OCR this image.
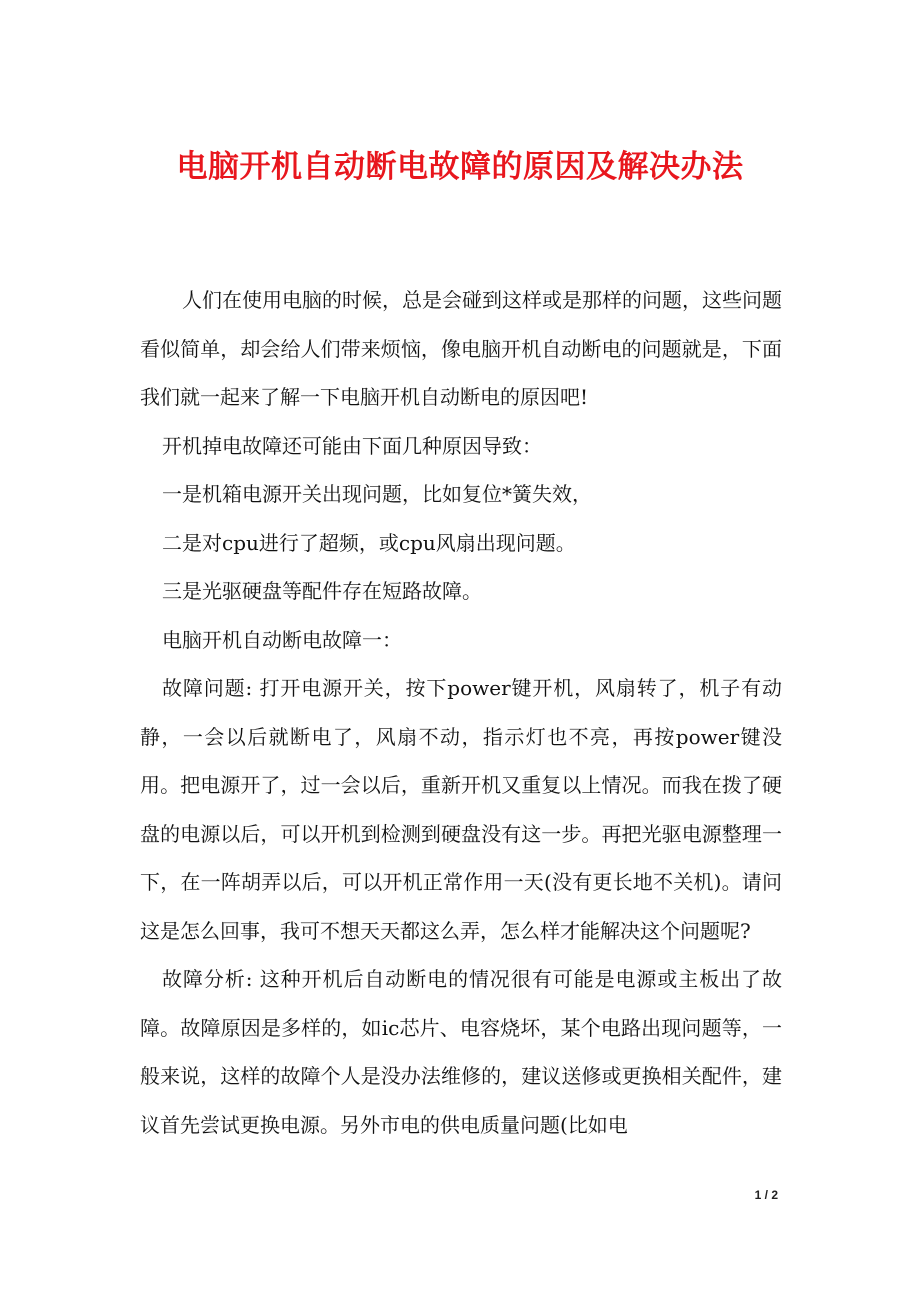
电脑开机自动断电故障的原因及解决办法

人们在使用电脑的时候，总是会碰到这样或是那样的问题，这些问题看似简单，却会给人们带来烦恼，像电脑开机自动断电的问题就是，下面我们就一起来了解一下电脑开机自动断电的原因吧!

开机掉电故障还可能由下面几种原因导致：

一是机箱电源开关出现问题，比如复位*簧失效，

二是对cpu进行了超频，或cpu风扇出现问题。

三是光驱硬盘等配件存在短路故障。

电脑开机自动断电故障一：

故障问题: 打开电源开关，按下power键开机，风扇转了，机子有动静，一会以后就断电了，风扇不动，指示灯也不亮，再按power键没用。把电源开了，过一会以后，重新开机又重复以上情况。而我在拨了硬盘的电源以后，可以开机到检测到硬盘没有这一步。再把光驱电源整理一下，在一阵胡弄以后，可以开机正常作用一天(没有更长地不关机)。请问这是怎么回事，我可不想天天都这么弄，怎么样才能解决这个问题呢?

故障分析: 这种开机后自动断电的情况很有可能是电源或主板出了故障。故障原因是多样的，如ic芯片、电容烧坏，某个电路出现问题等，一般来说，这样的故障个人是没办法维修的，建议送修或更换相关配件，建议首先尝试更换电源。另外市电的供电质量问题(比如电

1 / 2
